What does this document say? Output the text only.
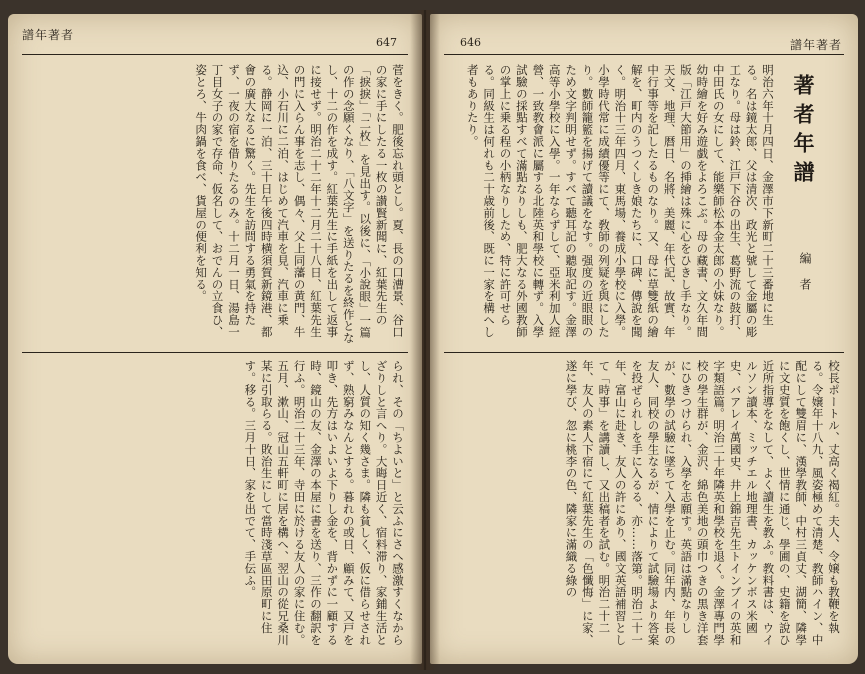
譜年著者
647
菅をきく。肥後忘れ頭とし。夏、長の口漕景、谷口の家に手にしたる一枚の讃賢新聞に、紅葉先生の「捩捩」「二枚」を見出す。以後に、「小說眼」一篇の作の念願くなり、「八文字」を送りたるを終作となし、十二の作を成す。紅葉先生に手紙を出して返事に接せず。明治二十二年十二月二十八日、紅葉先生の門に入らん事を志し、偶々、父上同藩の黄門、牛込、小石川に二泊、はじめて汽車を見、汽車に乗る。静岡に一泊、三十日午後四時横須賀新鏡港、都會の廣大なるに驚く。先生を訪問する勇氣を持たず、一夜の宿を借りたるのみ。十二月一日、湯島一丁目女子の家で存命、仮名して、おでんの立食ひ、姿とろ、牛肉鍋を食べ、貨屋の便利を知る。
られ、その「ちよいと」と云ふにさへ感激すくなからざりしと言へり。大晦日近く、宿料滞り、家鋪生活とし、人質の知く幾さま。隣も貧しく、仮に借らせされず、熟窮みなんとする。暮れの或日、顧みて、又戸を叩き、先方はいよいよ下りし金を、背かずに一顧する時、鏡山の友、金澤の本屋に書を送り、三作の翻訳を行ふ。明治二十三年、寺田に於ける友人の家に住む。五月、漱山、冠山五軒町に居を構へ、翌山の從兄桑川某に引取らる。敗治生にして當時淺草區田原町に住す。移る。三月十日、家を出でて、手伝ふ。
646	譜年著者
著者年譜
編者
明治六年十月四日、金澤市下新町二十三番地に生る。名は鏡太郎、父は清次、政光と號して金屬の彫工なり。母は鈴、江戸下谷の出生、葛野流の鼓打、中田氏の女にして、能樂師松本金太郎の小妹なり。幼時繪を好み遊戯をよろこぶ。母の藏書、文久年間版「江戸大節用」の挿繪は殊に心をひきし手なり。天文、地理、暦日、名將、美麗、年代記、故實、年中行事等を記したるものなり。又、母に草雙紙の繪解を、町内のうつくしき娘たちに、口碑、傳說を聞く。明治十三年四月、東馬場、養成小學校に入學。小學時代常に成績優等にて、敎師の列疑を與にしたり。數師籠籃を揚げて讀議をなす。强度の近眼眼のため文字判明せず。すべて聽耳記の聽取記す。金澤高等小學校に入學。一年ならずして、亞米利加人經營、一致教會派に屬する北陸英和學校に轉ず。入學試驗の採點すべて滿點なりしも、肥大なる外國教師の掌上に乗る程の小柄なりしため、特に許可せらる。同級生は何れも二十歳前後、既に一家を構へし者もありたり。
校長ポートル、丈高く褐紅。夫人、令嬢も教鞭を執る。令嬢年十八九、風姿極めて清楚、教師ハイン、中配にして雙眉に、漢學教師、中村三貞丈、湖簡、隣學に文史質を飽くし、世情に通じ、學圃の、史籍を說ひ近所指導をなして、よく讀生を教ふ。教料書は、ウイルソン讀本、ミッチエル地理書、カッケンボス米國史、バアレイ萬國史、井上錦吉先生トインブイの英和字類語篇。明治二十年隣英和學校を退く。金澤專門學校の學生群が、金沢、綿色美地の頭巾つきの黒き洋套にひきつけられ、入學を志願す。英語は滿點なりしが、數學の試驗に墜ちて入學を止む。同年内、年長の友人、同校の學生なるが、情によりて試驗場より答案を投ぜられしを手に入るる、亦……落第。明治二十一年、富山に赴き、友人の許にあり、國文英語補習として「時事」を講讀し、又出稿者を試む。明治二十二年、友人の素人下宿にて紅葉先生の「色懺悔」に家、遂に學び、忽に桃李の色、隣家に滿織る綠の
